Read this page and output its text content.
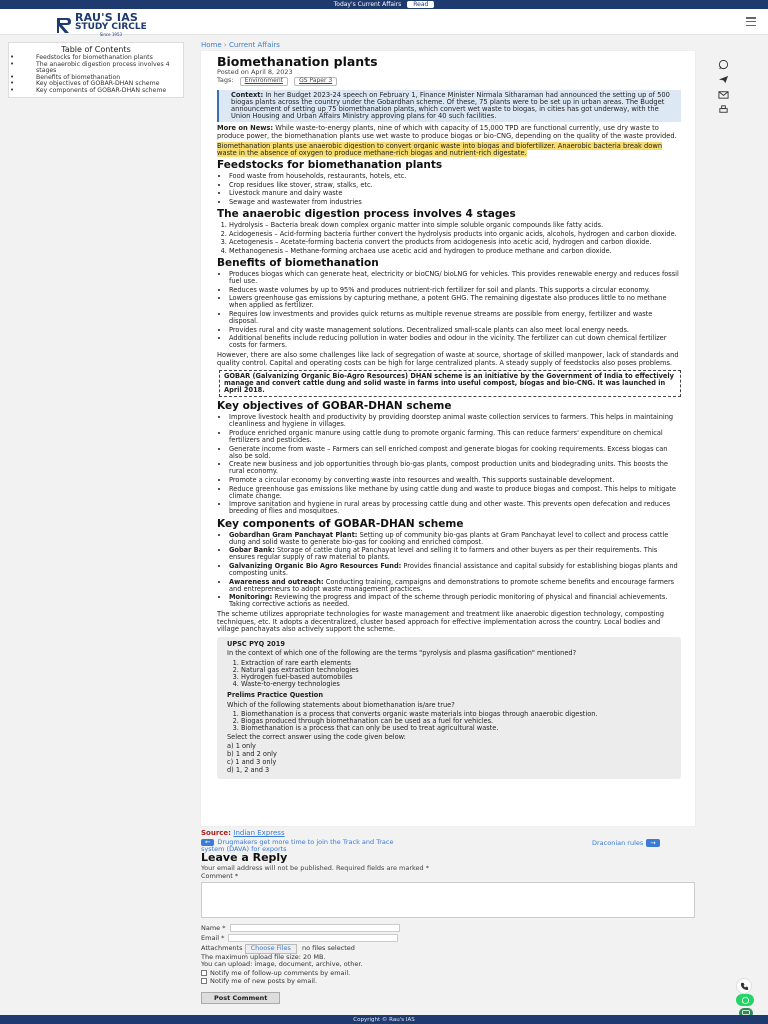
Today's Current Affairs	Read
RAU'S IAS
STUDY CIRCLE
Since 1953
Table of Contents
• Feedstocks for biomethanation plants
• The anaerobic digestion process involves 4 stages
• Benefits of biomethanation
• Key objectives of GOBAR-DHAN scheme
• Key components of GOBAR-DHAN scheme
Home › Current Affairs
Biomethanation plants
Posted on April 8, 2023
Tags: Environment	GS Paper 3
Context: In her Budget 2023-24 speech on February 1, Finance Minister Nirmala Sitharaman had announced the setting up of 500 biogas plants across the country under the Gobardhan scheme. Of these, 75 plants were to be set up in urban areas. The Budget announcement of setting up 75 biomethanation plants, which convert wet waste to biogas, in cities has got underway, with the Union Housing and Urban Affairs Ministry approving plans for 40 such facilities.

More on News: While waste-to-energy plants, nine of which with capacity of 15,000 TPD are functional currently, use dry waste to produce power, the biomethanation plants use wet waste to produce biogas or bio-CNG, depending on the quality of the waste provided.

Biomethanation plants use anaerobic digestion to convert organic waste into biogas and biofertilizer. Anaerobic bacteria break down waste in the absence of oxygen to produce methane-rich biogas and nutrient-rich digestate.

Feedstocks for biomethanation plants
• Food waste from households, restaurants, hotels, etc.
• Crop residues like stover, straw, stalks, etc.
• Livestock manure and dairy waste
• Sewage and wastewater from industries
The anaerobic digestion process involves 4 stages
1. Hydrolysis – Bacteria break down complex organic matter into simple soluble organic compounds like fatty acids.
2. Acidogenesis – Acid-forming bacteria further convert the hydrolysis products into organic acids, alcohols, hydrogen and carbon dioxide.
3. Acetogenesis – Acetate-forming bacteria convert the products from acidogenesis into acetic acid, hydrogen and carbon dioxide.
4. Methanogenesis – Methane-forming archaea use acetic acid and hydrogen to produce methane and carbon dioxide.
Benefits of biomethanation
• Produces biogas which can generate heat, electricity or bioCNG/ bioLNG for vehicles. This provides renewable energy and reduces fossil fuel use.
• Reduces waste volumes by up to 95% and produces nutrient-rich fertilizer for soil and plants. This supports a circular economy.
• Lowers greenhouse gas emissions by capturing methane, a potent GHG. The remaining digestate also produces little to no methane when applied as fertilizer.
• Requires low investments and provides quick returns as multiple revenue streams are possible from energy, fertilizer and waste disposal.
• Provides rural and city waste management solutions. Decentralized small-scale plants can also meet local energy needs.
• Additional benefits include reducing pollution in water bodies and odour in the vicinity. The fertilizer can cut down chemical fertilizer costs for farmers.

However, there are also some challenges like lack of segregation of waste at source, shortage of skilled manpower, lack of standards and quality control. Capital and operating costs can be high for large centralized plants. A steady supply of feedstocks also poses problems.

GOBAR (Galvanizing Organic Bio-Agro Resources) DHAN scheme is an initiative by the Government of India to effectively manage and convert cattle dung and solid waste in farms into useful compost, biogas and bio-CNG. It was launched in April 2018.
Key objectives of GOBAR-DHAN scheme
• Improve livestock health and productivity by providing doorstep animal waste collection services to farmers. This helps in maintaining cleanliness and hygiene in villages.
• Produce enriched organic manure using cattle dung to promote organic farming. This can reduce farmers' expenditure on chemical fertilizers and pesticides.
• Generate income from waste – Farmers can sell enriched compost and generate biogas for cooking requirements. Excess biogas can also be sold.
• Create new business and job opportunities through bio-gas plants, compost production units and biodegrading units. This boosts the rural economy.
• Promote a circular economy by converting waste into resources and wealth. This supports sustainable development.
• Reduce greenhouse gas emissions like methane by using cattle dung and waste to produce biogas and compost. This helps to mitigate climate change.
• Improve sanitation and hygiene in rural areas by processing cattle dung and other waste. This prevents open defecation and reduces breeding of flies and mosquitoes.
Key components of GOBAR-DHAN scheme
• Gobardhan Gram Panchayat Plant: Setting up of community bio-gas plants at Gram Panchayat level to collect and process cattle dung and solid waste to generate bio-gas for cooking and enriched compost.
• Gobar Bank: Storage of cattle dung at Panchayat level and selling it to farmers and other buyers as per their requirements. This ensures regular supply of raw material to plants.
• Galvanizing Organic Bio Agro Resources Fund: Provides financial assistance and capital subsidy for establishing biogas plants and composting units.
• Awareness and outreach: Conducting training, campaigns and demonstrations to promote scheme benefits and encourage farmers and entrepreneurs to adopt waste management practices.
• Monitoring: Reviewing the progress and impact of the scheme through periodic monitoring of physical and financial achievements. Taking corrective actions as needed.

The scheme utilizes appropriate technologies for waste management and treatment like anaerobic digestion technology, composting techniques, etc. It adopts a decentralized, cluster based approach for effective implementation across the country. Local bodies and village panchayats also actively support the scheme.

UPSC PYQ 2019
In the context of which one of the following are the terms "pyrolysis and plasma gasification" mentioned?
1. Extraction of rare earth elements
2. Natural gas extraction technologies
3. Hydrogen fuel-based automobiles
4. Waste-to-energy technologies
Prelims Practice Question
Which of the following statements about biomethanation is/are true?
1. Biomethanation is a process that converts organic waste materials into biogas through anaerobic digestion.
2. Biogas produced through biomethanation can be used as a fuel for vehicles.
3. Biomethanation is a process that can only be used to treat agricultural waste.
Select the correct answer using the code given below:
a) 1 only
b) 1 and 2 only
c) 1 and 3 only
d) 1, 2 and 3
Source: Indian Express
← Drugmakers get more time to join the Track and Trace system (DAVA) for exports
Draconian rules →
Leave a Reply
Your email address will not be published. Required fields are marked *
Comment *
Name *
Email *
Attachments Choose Files no files selected
The maximum upload file size: 20 MB.
You can upload: image, document, archive, other.
Notify me of follow-up comments by email.
Notify me of new posts by email.
Post Comment
Copyright © Rau's IAS
